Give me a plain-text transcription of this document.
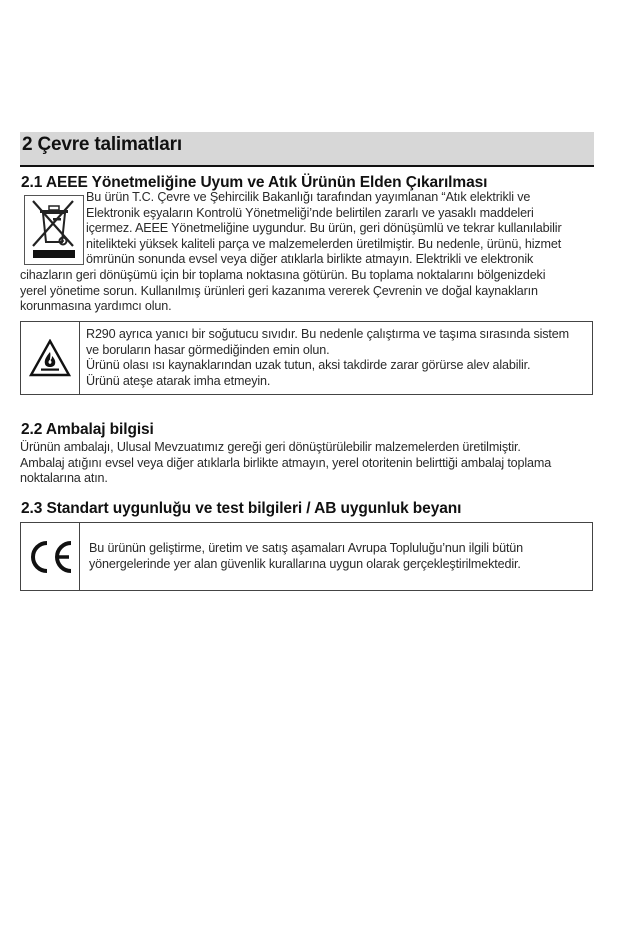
2 Çevre talimatları
2.1 AEEE Yönetmeliğine Uyum ve Atık Ürünün Elden Çıkarılması
Bu ürün T.C. Çevre ve Şehircilik Bakanlığı tarafından yayımlanan “Atık elektrikli ve
Elektronik eşyaların Kontrolü Yönetmeliği’nde belirtilen zararlı ve yasaklı maddeleri
içermez. AEEE Yönetmeliğine uygundur. Bu ürün, geri dönüşümlü ve tekrar kullanılabilir
nitelikteki yüksek kaliteli parça ve malzemelerden üretilmiştir. Bu nedenle, ürünü, hizmet
ömrünün sonunda evsel veya diğer atıklarla birlikte atmayın. Elektrikli ve elektronik
cihazların geri dönüşümü için bir toplama noktasına götürün. Bu toplama noktalarını bölgenizdeki
yerel yönetime sorun. Kullanılmış ürünleri geri kazanıma vererek Çevrenin ve doğal kaynakların
korunmasına yardımcı olun.
R290 ayrıca yanıcı bir soğutucu sıvıdır. Bu nedenle çalıştırma ve taşıma sırasında sistem
ve boruların hasar görmediğinden emin olun.
Ürünü olası ısı kaynaklarından uzak tutun, aksi takdirde zarar görürse alev alabilir.
Ürünü ateşe atarak imha etmeyin.
2.2 Ambalaj bilgisi
Ürünün ambalajı, Ulusal Mevzuatımız gereği geri dönüştürülebilir malzemelerden üretilmiştir.
Ambalaj atığını evsel veya diğer atıklarla birlikte atmayın, yerel otoritenin belirttiği ambalaj toplama
noktalarına atın.
2.3 Standart uygunluğu ve test bilgileri / AB uygunluk beyanı
Bu ürünün geliştirme, üretim ve satış aşamaları Avrupa Topluluğu’nun ilgili bütün
yönergelerinde yer alan güvenlik kurallarına uygun olarak gerçekleştirilmektedir.
